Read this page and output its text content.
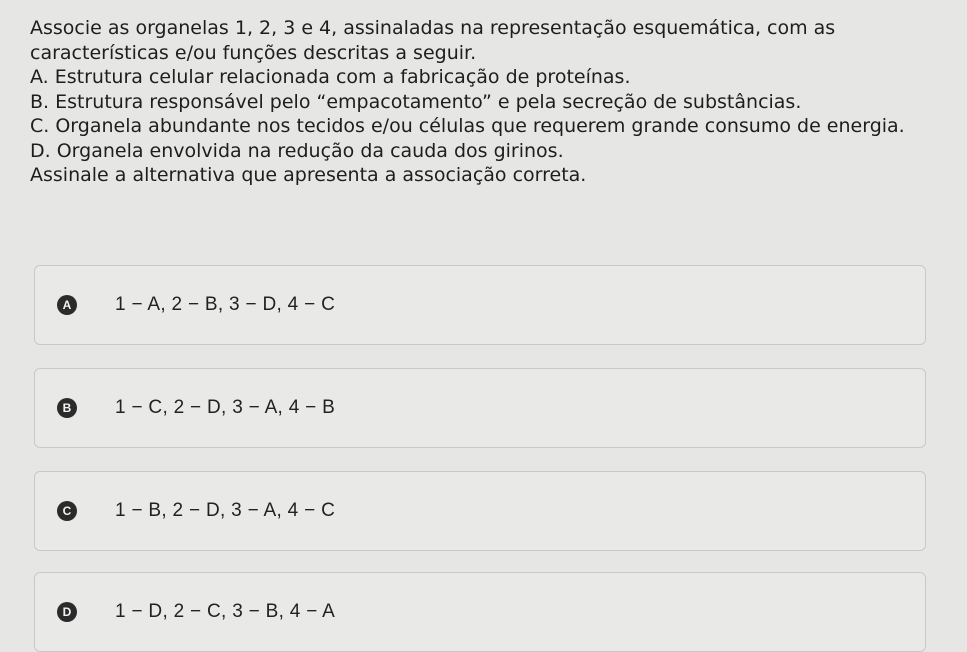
Associe as organelas 1, 2, 3 e 4, assinaladas na representação esquemática, com as características e/ou funções descritas a seguir.

A. Estrutura celular relacionada com a fabricação de proteínas.

B. Estrutura responsável pelo “empacotamento” e pela secreção de substâncias.

C. Organela abundante nos tecidos e/ou células que requerem grande consumo de energia.

D. Organela envolvida na redução da cauda dos girinos.

Assinale a alternativa que apresenta a associação correta.

A 1 − A, 2 − B, 3 − D, 4 − C
B 1 − C, 2 − D, 3 − A, 4 − B
C 1 − B, 2 − D, 3 − A, 4 − C
D 1 − D, 2 − C, 3 − B, 4 − A
